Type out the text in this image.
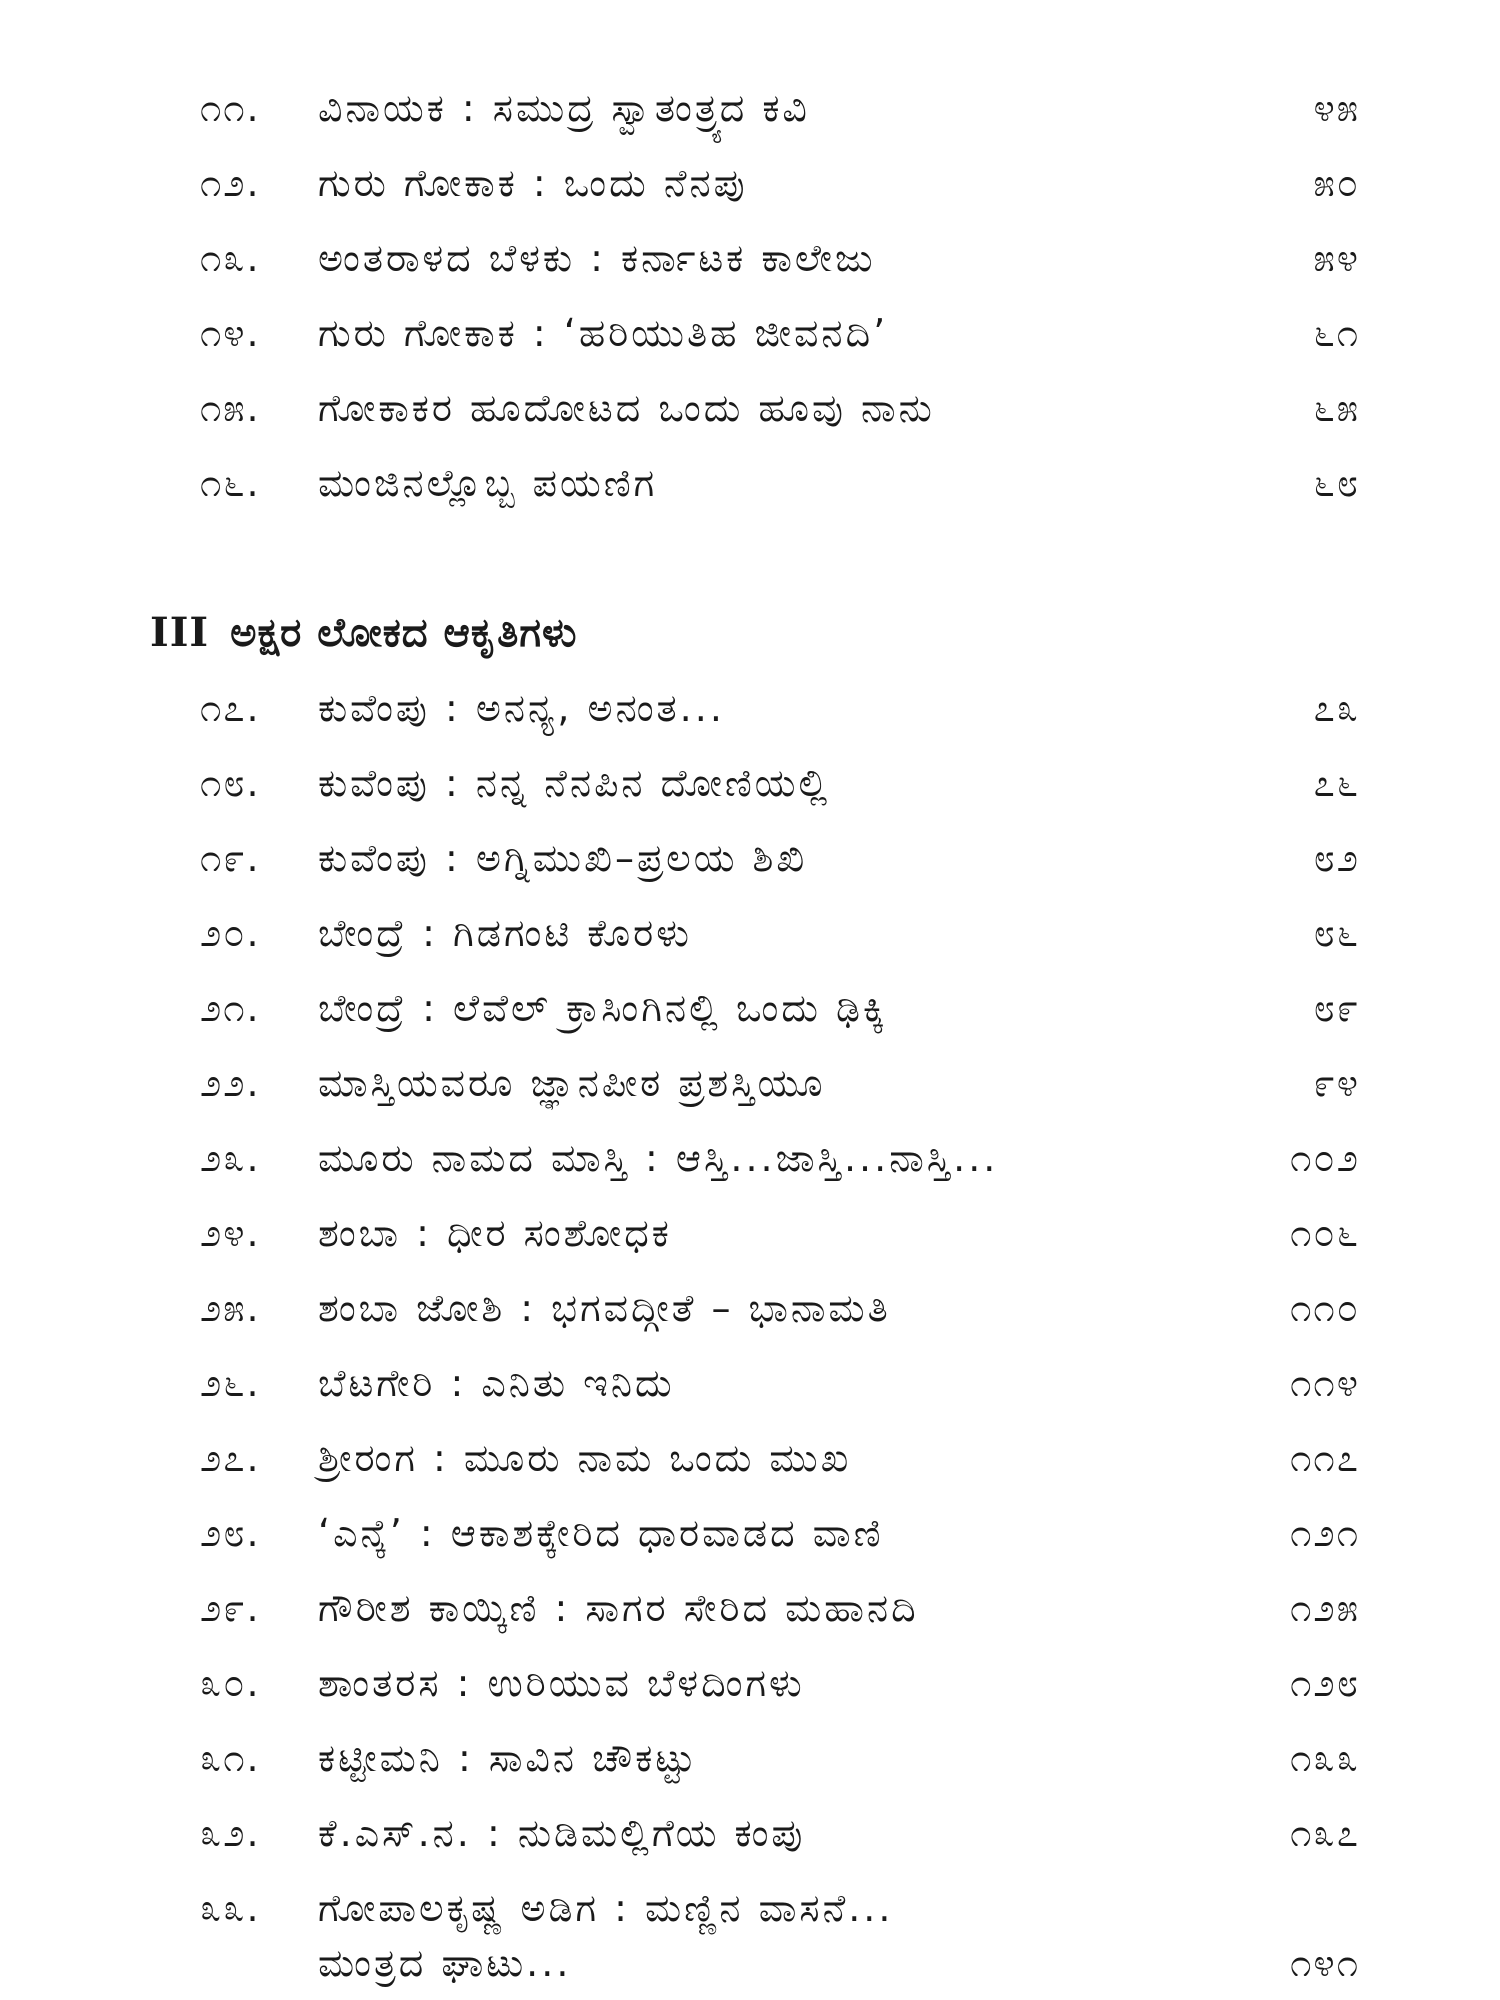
೧೧. ವಿನಾಯಕ : ಸಮುದ್ರ ಸ್ವಾತಂತ್ರ್ಯದ ಕವಿ	೪೫
೧೨. ಗುರು ಗೋಕಾಕ : ಒಂದು ನೆನಪು	೫೦
೧೩. ಅಂತರಾಳದ ಬೆಳಕು : ಕರ್ನಾಟಕ ಕಾಲೇಜು	೫೪
೧೪. ಗುರು ಗೋಕಾಕ : ‘ಹರಿಯುತಿಹ ಜೀವನದಿ’	೬೧
೧೫. ಗೋಕಾಕರ ಹೂದೋಟದ ಒಂದು ಹೂವು ನಾನು	೬೫
೧೬. ಮಂಜಿನಲ್ಲೊಬ್ಬ ಪಯಣಿಗ	೬೮
III ಅಕ್ಷರ ಲೋಕದ ಆಕೃತಿಗಳು
೧೭. ಕುವೆಂಪು : ಅನನ್ಯ, ಅನಂತ...	೭೩
೧೮. ಕುವೆಂಪು : ನನ್ನ ನೆನಪಿನ ದೋಣಿಯಲ್ಲಿ	೭೬
೧೯. ಕುವೆಂಪು : ಅಗ್ನಿಮುಖಿ–ಪ್ರಲಯ ಶಿಖಿ	೮೨
೨೦. ಬೇಂದ್ರೆ : ಗಿಡಗಂಟಿ ಕೊರಳು	೮೬
೨೧. ಬೇಂದ್ರೆ : ಲೆವೆಲ್ ಕ್ರಾಸಿಂಗಿನಲ್ಲಿ ಒಂದು ಢಿಕ್ಕಿ	೮೯
೨೨. ಮಾಸ್ತಿಯವರೂ ಜ್ಞಾನಪೀಠ ಪ್ರಶಸ್ತಿಯೂ	೯೪
೨೩. ಮೂರು ನಾಮದ ಮಾಸ್ತಿ : ಆಸ್ತಿ...ಜಾಸ್ತಿ...ನಾಸ್ತಿ...	೧೦೨
೨೪. ಶಂಬಾ : ಧೀರ ಸಂಶೋಧಕ	೧೦೬
೨೫. ಶಂಬಾ ಜೋಶಿ : ಭಗವದ್ಗೀತೆ – ಭಾನಾಮತಿ	೧೧೦
೨೬. ಬೆಟಗೇರಿ : ಎನಿತು ಇನಿದು	೧೧೪
೨೭. ಶ್ರೀರಂಗ : ಮೂರು ನಾಮ ಒಂದು ಮುಖ	೧೧೭
೨೮. ‘ಎನ್ಕೆ’ : ಆಕಾಶಕ್ಕೇರಿದ ಧಾರವಾಡದ ವಾಣಿ	೧೨೧
೨೯. ಗೌರೀಶ ಕಾಯ್ಕಿಣಿ : ಸಾಗರ ಸೇರಿದ ಮಹಾನದಿ	೧೨೫
೩೦. ಶಾಂತರಸ : ಉರಿಯುವ ಬೆಳದಿಂಗಳು	೧೨೮
೩೧. ಕಟ್ಟೀಮನಿ : ಸಾವಿನ ಚೌಕಟ್ಟು	೧೩೩
೩೨. ಕೆ.ಎಸ್.ನ. : ನುಡಿಮಲ್ಲಿಗೆಯ ಕಂಪು	೧೩೭
೩೩. ಗೋಪಾಲಕೃಷ್ಣ ಅಡಿಗ : ಮಣ್ಣಿನ ವಾಸನೆ...
ಮಂತ್ರದ ಘಾಟು...	೧೪೧
